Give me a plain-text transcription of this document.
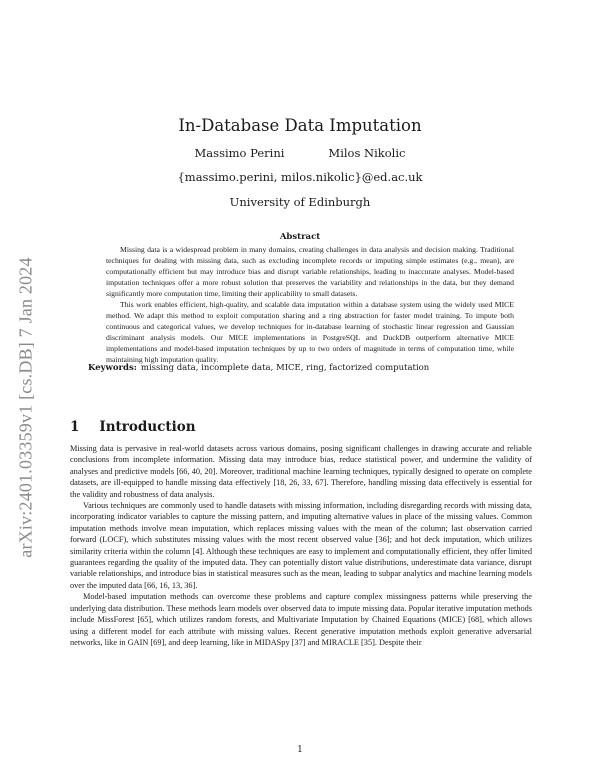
arXiv:2401.03359v1 [cs.DB] 7 Jan 2024
In-Database Data Imputation
Massimo Perini	Milos Nikolic
{massimo.perini, milos.nikolic}@ed.ac.uk
University of Edinburgh
Abstract

Missing data is a widespread problem in many domains, creating challenges in data analysis and decision making. Traditional techniques for dealing with missing data, such as excluding incomplete records or imputing simple estimates (e.g., mean), are computationally efficient but may introduce bias and disrupt variable relationships, leading to inaccurate analyses. Model-based imputation techniques offer a more robust solution that preserves the variability and relationships in the data, but they demand significantly more computation time, limiting their applicability to small datasets.

This work enables efficient, high-quality, and scalable data imputation within a database system using the widely used MICE method. We adapt this method to exploit computation sharing and a ring abstraction for faster model training. To impute both continuous and categorical values, we develop techniques for in-database learning of stochastic linear regression and Gaussian discriminant analysis models. Our MICE implementations in PostgreSQL and DuckDB outperform alternative MICE implementations and model-based imputation techniques by up to two orders of magnitude in terms of computation time, while maintaining high imputation quality.

Keywords: missing data, incomplete data, MICE, ring, factorized computation
1 Introduction

Missing data is pervasive in real-world datasets across various domains, posing significant challenges in drawing accurate and reliable conclusions from incomplete information. Missing data may introduce bias, reduce statistical power, and undermine the validity of analyses and predictive models [66, 40, 20]. Moreover, traditional machine learning techniques, typically designed to operate on complete datasets, are ill-equipped to handle missing data effectively [18, 26, 33, 67]. Therefore, handling missing data effectively is essential for the validity and robustness of data analysis.

Various techniques are commonly used to handle datasets with missing information, including disregarding records with missing data, incorporating indicator variables to capture the missing pattern, and imputing alternative values in place of the missing values. Common imputation methods involve mean imputation, which replaces missing values with the mean of the column; last observation carried forward (LOCF), which substitutes missing values with the most recent observed value [36]; and hot deck imputation, which utilizes similarity criteria within the column [4]. Although these techniques are easy to implement and computationally efficient, they offer limited guarantees regarding the quality of the imputed data. They can potentially distort value distributions, underestimate data variance, disrupt variable relationships, and introduce bias in statistical measures such as the mean, leading to subpar analytics and machine learning models over the imputed data [66, 16, 13, 36].

Model-based imputation methods can overcome these problems and capture complex missingness patterns while preserving the underlying data distribution. These methods learn models over observed data to impute missing data. Popular iterative imputation methods include MissForest [65], which utilizes random forests, and Multivariate Imputation by Chained Equations (MICE) [68], which allows using a different model for each attribute with missing values. Recent generative imputation methods exploit generative adversarial networks, like in GAIN [69], and deep learning, like in MIDASpy [37] and MIRACLE [35]. Despite their

1
